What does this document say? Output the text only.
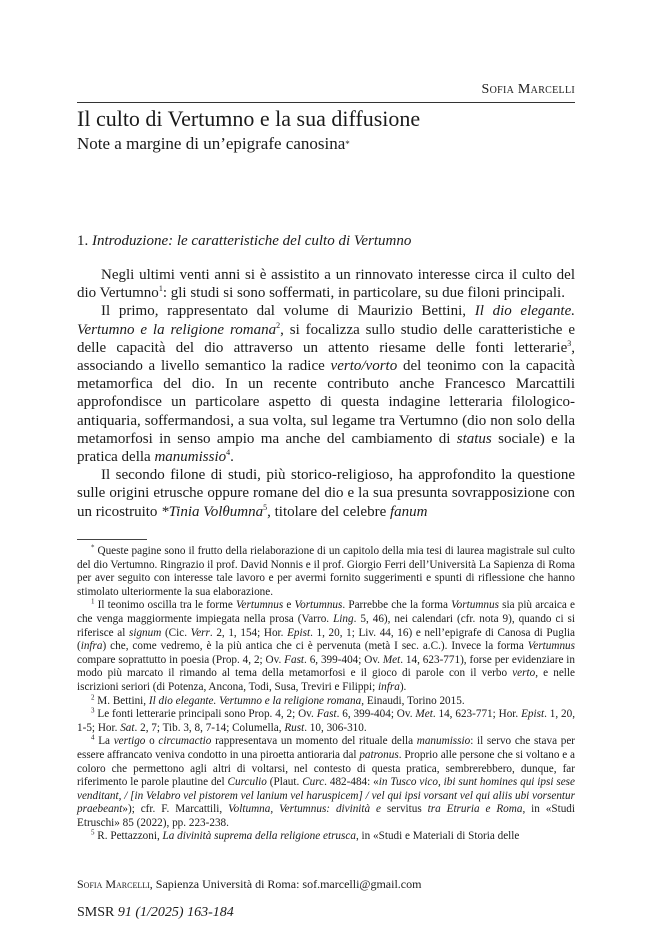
Sofia Marcelli
Il culto di Vertumno e la sua diffusione
Note a margine di un’epigrafe canosina*
1. Introduzione: le caratteristiche del culto di Vertumno

Negli ultimi venti anni si è assistito a un rinnovato interesse circa il culto del dio Vertumno$^1$: gli studi si sono soffermati, in particolare, su due filoni principali.

Il primo, rappresentato dal volume di Maurizio Bettini, Il dio elegante. Vertumno e la religione romana$^2$, si focalizza sullo studio delle caratteristiche e delle capacità del dio attraverso un attento riesame delle fonti letterarie$^3$, associando a livello semantico la radice verto/vorto del teonimo con la capacità metamorfica del dio. In un recente contributo anche Francesco Marcattili approfondisce un particolare aspetto di questa indagine letteraria filologico-antiquaria, soffermandosi, a sua volta, sul legame tra Vertumno (dio non solo della metamorfosi in senso ampio ma anche del cambiamento di status sociale) e la pratica della manumissio$^4$.

Il secondo filone di studi, più storico-religioso, ha approfondito la questione sulle origini etrusche oppure romane del dio e la sua presunta sovrapposizione con un ricostruito *Tinia Volθumna$^5$, titolare del celebre fanum

* Queste pagine sono il frutto della rielaborazione di un capitolo della mia tesi di laurea magistrale sul culto del dio Vertumno. Ringrazio il prof. David Nonnis e il prof. Giorgio Ferri dell’Università La Sapienza di Roma per aver seguito con interesse tale lavoro e per avermi fornito suggerimenti e spunti di riflessione che hanno stimolato ulteriormente la sua elaborazione.

$^1$ Il teonimo oscilla tra le forme Vertumnus e Vortumnus. Parrebbe che la forma Vortumnus sia più arcaica e che venga maggiormente impiegata nella prosa (Varro. Ling. 5, 46), nei calendari (cfr. nota 9), quando ci si riferisce al signum (Cic. Verr. 2, 1, 154; Hor. Epist. 1, 20, 1; Liv. 44, 16) e nell’epigrafe di Canosa di Puglia (infra) che, come vedremo, è la più antica che ci è pervenuta (metà I sec. a.C.). Invece la forma Vertumnus compare soprattutto in poesia (Prop. 4, 2; Ov. Fast. 6, 399-404; Ov. Met. 14, 623-771), forse per evidenziare in modo più marcato il rimando al tema della metamorfosi e il gioco di parole con il verbo verto, e nelle iscrizioni seriori (di Potenza, Ancona, Todi, Susa, Treviri e Filippi; infra).

$^2$ M. Bettini, Il dio elegante. Vertumno e la religione romana, Einaudi, Torino 2015.

$^3$ Le fonti letterarie principali sono Prop. 4, 2; Ov. Fast. 6, 399-404; Ov. Met. 14, 623-771; Hor. Epist. 1, 20, 1-5; Hor. Sat. 2, 7; Tib. 3, 8, 7-14; Columella, Rust. 10, 306-310.

$^4$ La vertigo o circumactio rappresentava un momento del rituale della manumissio: il servo che stava per essere affrancato veniva condotto in una piroetta antioraria dal patronus. Proprio alle persone che si voltano e a coloro che permettono agli altri di voltarsi, nel contesto di questa pratica, sembrerebbero, dunque, far riferimento le parole plautine del Curculio (Plaut. Curc. 482-484: «in Tusco vico, ibi sunt homines qui ipsi sese venditant, / [in Velabro vel pistorem vel lanium vel haruspicem] / vel qui ipsi vorsant vel qui aliis ubi vorsentur praebeant»); cfr. F. Marcattili, Voltumna, Vertumnus: divinità e servitus tra Etruria e Roma, in «Studi Etruschi» 85 (2022), pp. 223-238.

$^5$ R. Pettazzoni, La divinità suprema della religione etrusca, in «Studi e Materiali di Storia delle

Sofia Marcelli, Sapienza Università di Roma: sof.marcelli@gmail.com
SMSR 91 (1/2025) 163-184
